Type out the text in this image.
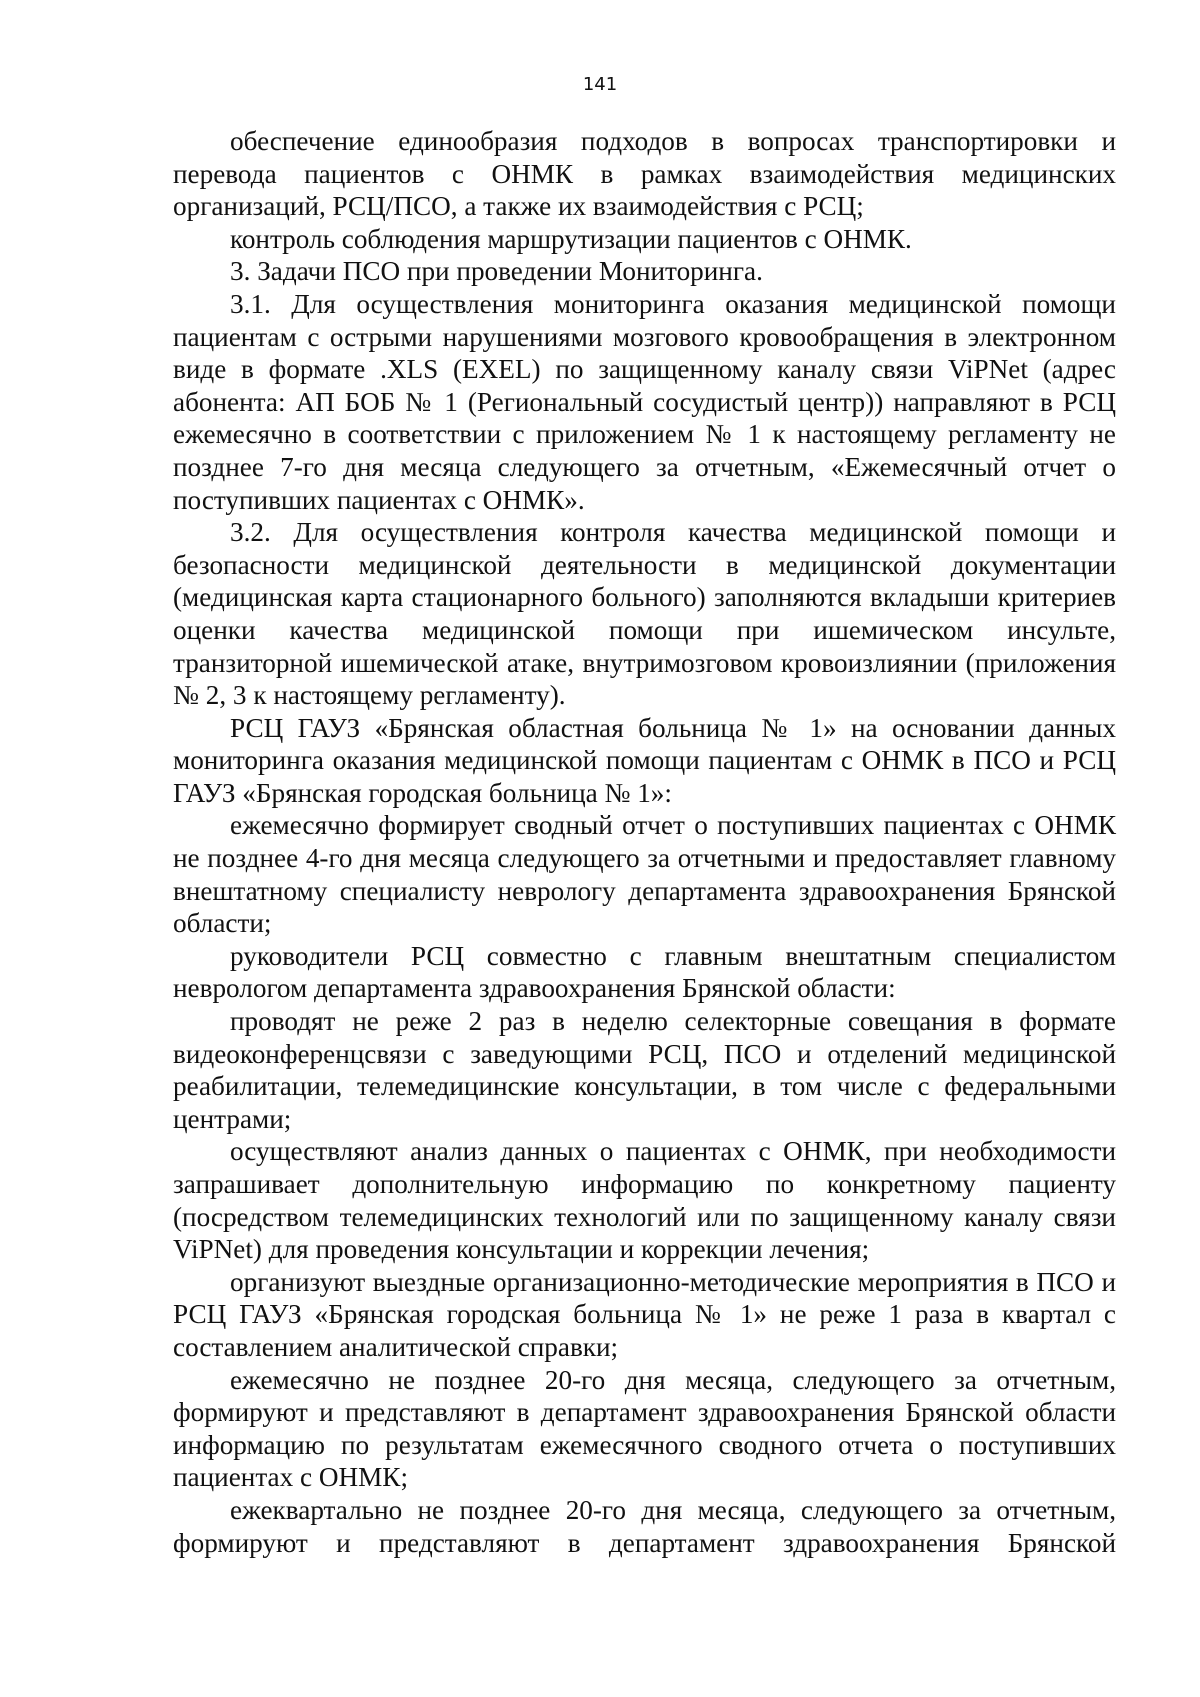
141

обеспечение единообразия подходов в вопросах транспортировки и перевода пациентов с ОНМК в рамках взаимодействия медицинских организаций, РСЦ/ПСО, а также их взаимодействия с РСЦ;

контроль соблюдения маршрутизации пациентов с ОНМК.

3. Задачи ПСО при проведении Мониторинга.

3.1. Для осуществления мониторинга оказания медицинской помощи пациентам с острыми нарушениями мозгового кровообращения в электронном виде в формате .XLS (EXEL) по защищенному каналу связи ViPNet (адрес абонента: АП БОБ № 1 (Региональный сосудистый центр)) направляют в РСЦ ежемесячно в соответствии с приложением № 1 к настоящему регламенту не позднее 7-го дня месяца следующего за отчетным, «Ежемесячный отчет о поступивших пациентах с ОНМК».

3.2. Для осуществления контроля качества медицинской помощи и безопасности медицинской деятельности в медицинской документации (медицинская карта стационарного больного) заполняются вкладыши критериев оценки качества медицинской помощи при ишемическом инсульте, транзиторной ишемической атаке, внутримозговом кровоизлиянии (приложения № 2, 3 к настоящему регламенту).

РСЦ ГАУЗ «Брянская областная больница № 1» на основании данных мониторинга оказания медицинской помощи пациентам с ОНМК в ПСО и РСЦ ГАУЗ «Брянская городская больница № 1»:

ежемесячно формирует сводный отчет о поступивших пациентах с ОНМК не позднее 4-го дня месяца следующего за отчетными и предоставляет главному внештатному специалисту неврологу департамента здравоохранения Брянской области;

руководители РСЦ совместно с главным внештатным специалистом неврологом департамента здравоохранения Брянской области:

проводят не реже 2 раз в неделю селекторные совещания в формате видеоконференцсвязи с заведующими РСЦ, ПСО и отделений медицинской реабилитации, телемедицинские консультации, в том числе с федеральными центрами;

осуществляют анализ данных о пациентах с ОНМК, при необходимости запрашивает дополнительную информацию по конкретному пациенту (посредством телемедицинских технологий или по защищенному каналу связи ViPNet) для проведения консультации и коррекции лечения;

организуют выездные организационно-методические мероприятия в ПСО и РСЦ ГАУЗ «Брянская городская больница № 1» не реже 1 раза в квартал с составлением аналитической справки;

ежемесячно не позднее 20-го дня месяца, следующего за отчетным, формируют и представляют в департамент здравоохранения Брянской области информацию по результатам ежемесячного сводного отчета о поступивших пациентах с ОНМК;

ежеквартально не позднее 20-го дня месяца, следующего за отчетным, формируют и представляют в департамент здравоохранения Брянской
